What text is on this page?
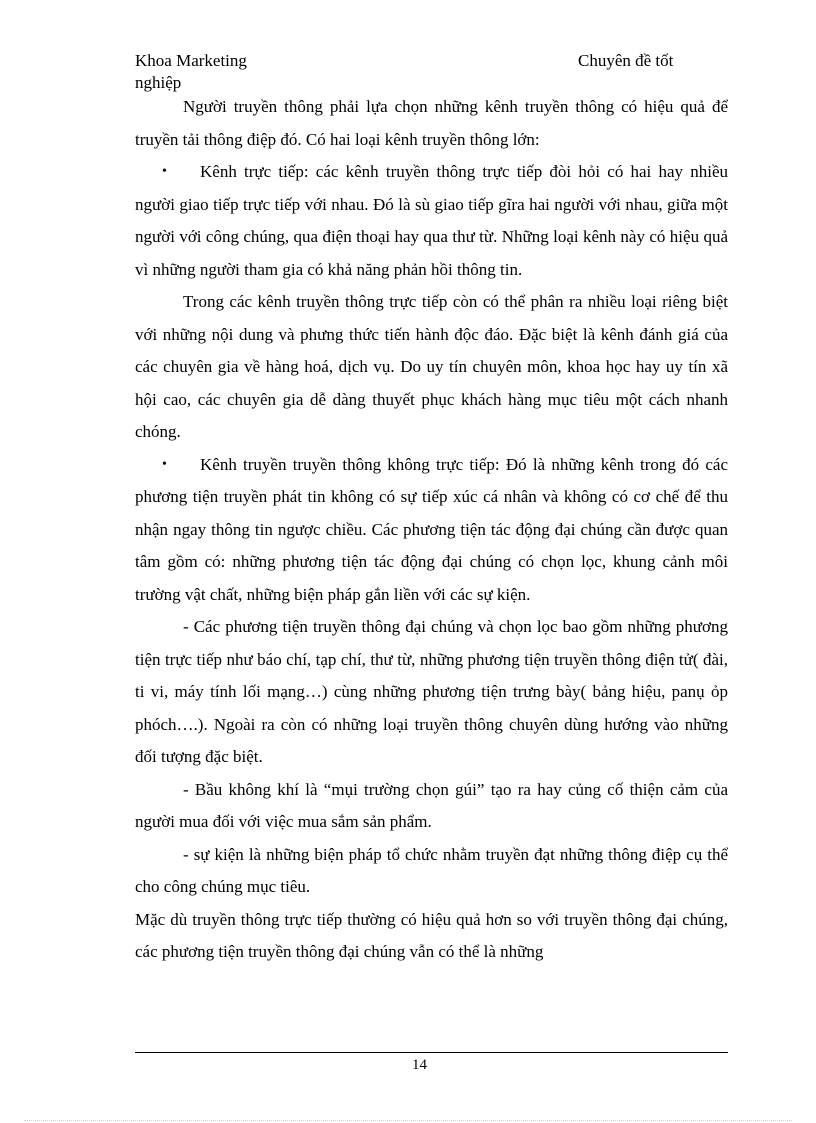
Khoa Marketing
nghiệp
Chuyên đề tốt

Người truyền thông phải lựa chọn những kênh truyền thông có hiệu quả để truyền tải thông điệp đó. Có hai loại kênh truyền thông lớn:

• Kênh trực tiếp: các kênh truyền thông trực tiếp đòi hỏi có hai hay nhiều người giao tiếp trực tiếp với nhau. Đó là sù giao tiếp gĩra hai người với nhau, giữa một người với công chúng, qua điện thoại hay qua thư từ. Những loại kênh này có hiệu quả vì những người tham gia có khả năng phản hồi thông tin.

Trong các kênh truyền thông trực tiếp còn có thể phân ra nhiều loại riêng biệt với những nội dung và phưng thức tiến hành độc đáo. Đặc biệt là kênh đánh giá của các chuyên gia về hàng hoá, dịch vụ. Do uy tín chuyên môn, khoa học hay uy tín xã hội cao, các chuyên gia dễ dàng thuyết phục khách hàng mục tiêu một cách nhanh chóng.

• Kênh truyền truyền thông không trực tiếp: Đó là những kênh trong đó các phương tiện truyền phát tin không có sự tiếp xúc cá nhân và không có cơ chế để thu nhận ngay thông tin ngược chiều. Các phương tiện tác động đại chúng cần được quan tâm gồm có: những phương tiện tác động đại chúng có chọn lọc, khung cảnh môi trường vật chất, những biện pháp gắn liền với các sự kiện.

- Các phương tiện truyền thông đại chúng và chọn lọc bao gồm những phương tiện trực tiếp như báo chí, tạp chí, thư từ, những phương tiện truyền thông điện tử( đài, ti vi, máy tính lối mạng…) cùng những phương tiện trưng bày( bảng hiệu, panụ ỏp phóch….). Ngoài ra còn có những loại truyền thông chuyên dùng hướng vào những đối tượng đặc biệt.

- Bầu không khí là “mụi trường chọn gúi” tạo ra hay củng cố thiện cảm của người mua đối với việc mua sắm sản phẩm.

- sự kiện là những biện pháp tổ chức nhằm truyền đạt những thông điệp cụ thể cho công chúng mục tiêu.

Mặc dù truyền thông trực tiếp thường có hiệu quả hơn so với truyền thông đại chúng, các phương tiện truyền thông đại chúng vẫn có thể là những

14
